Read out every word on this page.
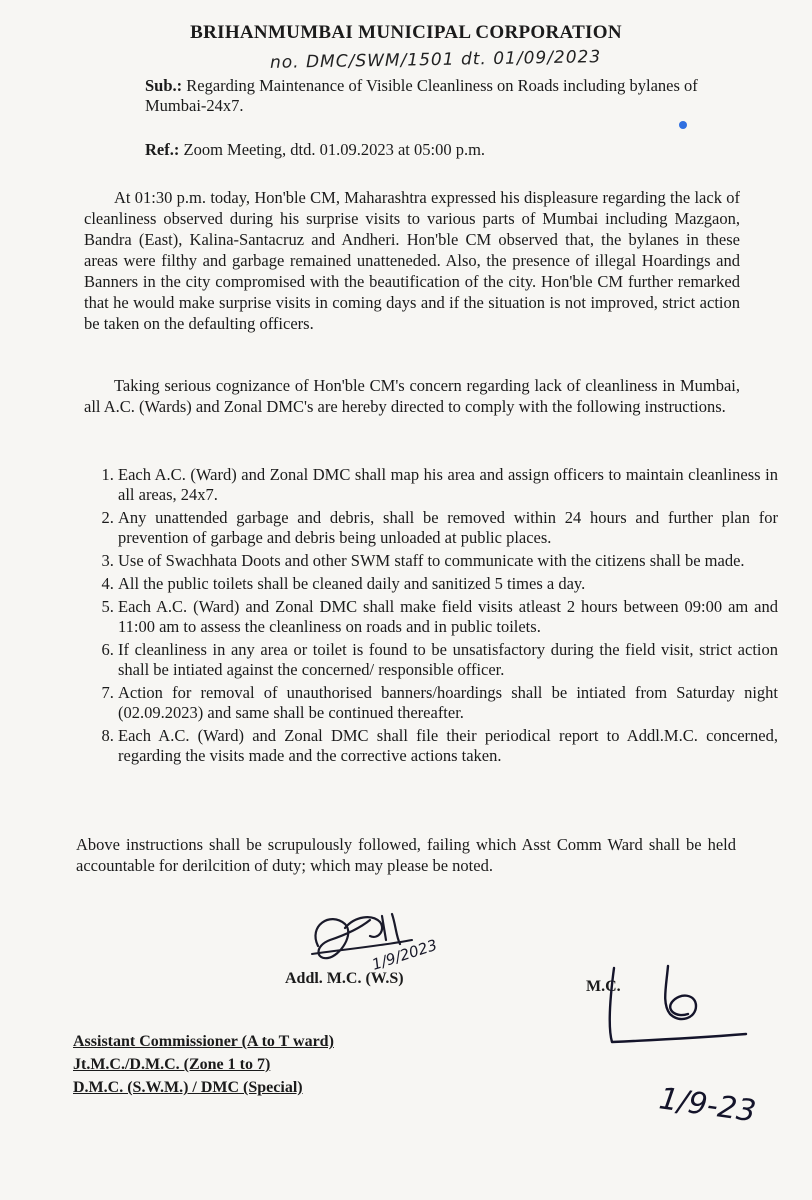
BRIHANMUMBAI MUNICIPAL CORPORATION
no. DMC/SWM/1501 dt. 01/09/2023
Sub.: Regarding Maintenance of Visible Cleanliness on Roads including bylanes of Mumbai-24x7.
Ref.: Zoom Meeting, dtd. 01.09.2023 at 05:00 p.m.

At 01:30 p.m. today, Hon'ble CM, Maharashtra expressed his displeasure regarding the lack of cleanliness observed during his surprise visits to various parts of Mumbai including Mazgaon, Bandra (East), Kalina-Santacruz and Andheri. Hon'ble CM observed that, the bylanes in these areas were filthy and garbage remained unatteneded. Also, the presence of illegal Hoardings and Banners in the city compromised with the beautification of the city. Hon'ble CM further remarked that he would make surprise visits in coming days and if the situation is not improved, strict action be taken on the defaulting officers.

Taking serious cognizance of Hon'ble CM's concern regarding lack of cleanliness in Mumbai, all A.C. (Wards) and Zonal DMC's are hereby directed to comply with the following instructions.

1. Each A.C. (Ward) and Zonal DMC shall map his area and assign officers to maintain cleanliness in all areas, 24x7.
2. Any unattended garbage and debris, shall be removed within 24 hours and further plan for prevention of garbage and debris being unloaded at public places.
3. Use of Swachhata Doots and other SWM staff to communicate with the citizens shall be made.
4. All the public toilets shall be cleaned daily and sanitized 5 times a day.
5. Each A.C. (Ward) and Zonal DMC shall make field visits atleast 2 hours between 09:00 am and 11:00 am to assess the cleanliness on roads and in public toilets.
6. If cleanliness in any area or toilet is found to be unsatisfactory during the field visit, strict action shall be intiated against the concerned/ responsible officer.
7. Action for removal of unauthorised banners/hoardings shall be intiated from Saturday night (02.09.2023) and same shall be continued thereafter.
8. Each A.C. (Ward) and Zonal DMC shall file their periodical report to Addl.M.C. concerned, regarding the visits made and the corrective actions taken.

Above instructions shall be scrupulously followed, failing which Asst Comm Ward shall be held accountable for derilcition of duty; which may please be noted.

1/9/2023
Addl. M.C. (W.S)	M.C.
1/9-23
Assistant Commissioner (A to T ward)
Jt.M.C./D.M.C. (Zone 1 to 7)
D.M.C. (S.W.M.) / DMC (Special)
